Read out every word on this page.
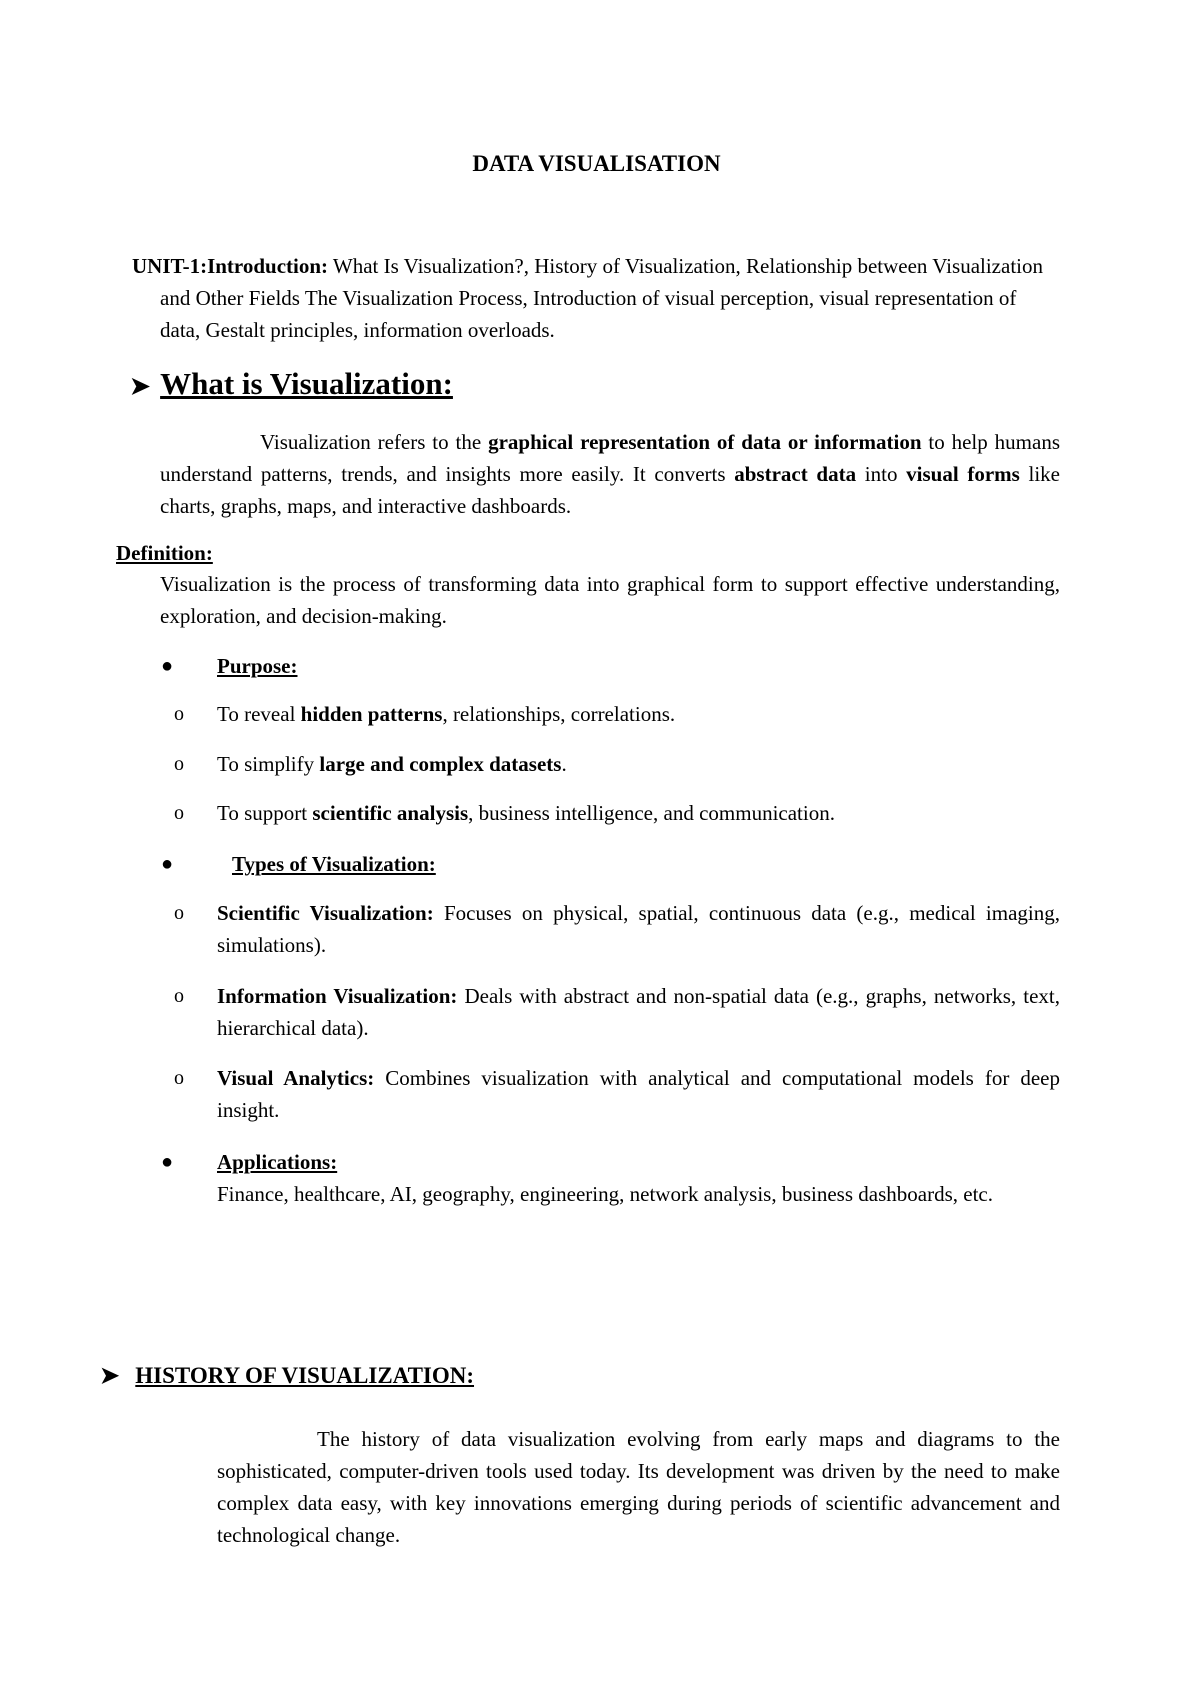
DATA VISUALISATION
UNIT-1:Introduction: What Is Visualization?, History of Visualization, Relationship between Visualization and Other Fields The Visualization Process, Introduction of visual perception, visual representation of data, Gestalt principles, information overloads.
➤ What is Visualization:
Visualization refers to the graphical representation of data or information to help humans understand patterns, trends, and insights more easily. It converts abstract data into visual forms like charts, graphs, maps, and interactive dashboards.
Definition:
Visualization is the process of transforming data into graphical form to support effective understanding, exploration, and decision-making.
● Purpose:
o To reveal hidden patterns, relationships, correlations.
o To simplify large and complex datasets.
o To support scientific analysis, business intelligence, and communication.
●	Types of Visualization:
o Scientific Visualization: Focuses on physical, spatial, continuous data (e.g., medical imaging, simulations).
o Information Visualization: Deals with abstract and non-spatial data (e.g., graphs, networks, text, hierarchical data).
o Visual Analytics: Combines visualization with analytical and computational models for deep insight.
● Applications:
Finance, healthcare, AI, geography, engineering, network analysis, business dashboards, etc.
➤ HISTORY OF VISUALIZATION:
The history of data visualization evolving from early maps and diagrams to the sophisticated, computer-driven tools used today. Its development was driven by the need to make complex data easy, with key innovations emerging during periods of scientific advancement and technological change.
